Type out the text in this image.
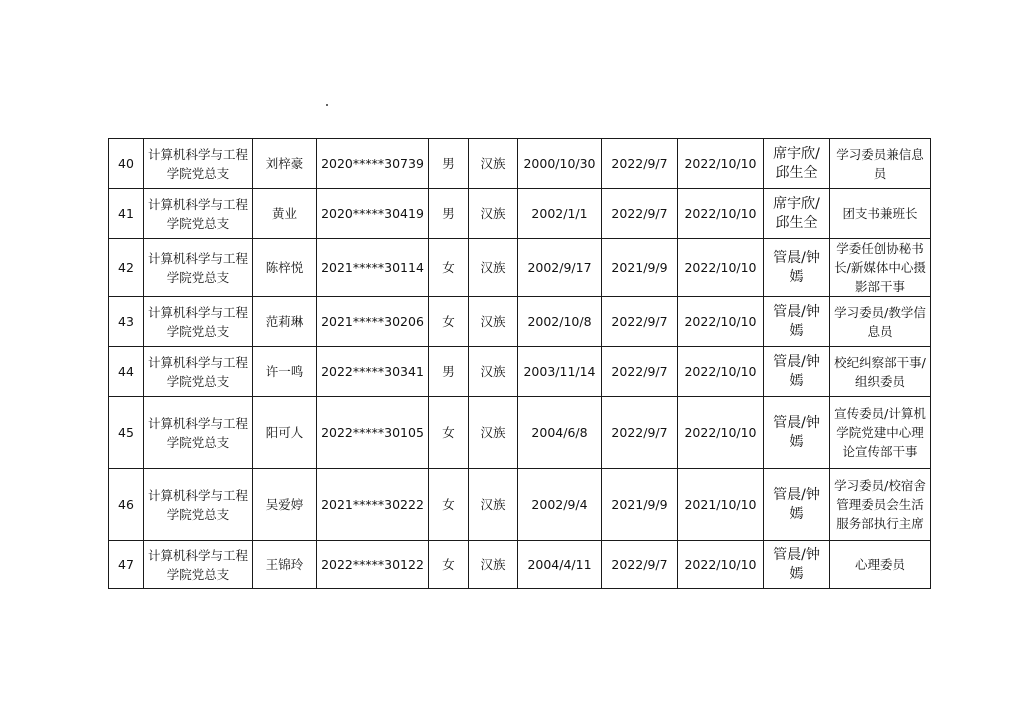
40	计算机科学与工程学院党总支	刘梓豪	2020*****30739	男	汉族	2000/10/30	2022/9/7	2022/10/10	席宇欣/邱生全	学习委员兼信息员
41	计算机科学与工程学院党总支	黄业	2020*****30419	男	汉族	2002/1/1	2022/9/7	2022/10/10	席宇欣/邱生全	团支书兼班长
42	计算机科学与工程学院党总支	陈梓悦	2021*****30114	女	汉族	2002/9/17	2021/9/9	2022/10/10	管晨/钟嫣	学委任创协秘书长/新媒体中心摄影部干事
43	计算机科学与工程学院党总支	范莉琳	2021*****30206	女	汉族	2002/10/8	2022/9/7	2022/10/10	管晨/钟嫣	学习委员/教学信息员
44	计算机科学与工程学院党总支	许一鸣	2022*****30341	男	汉族	2003/11/14	2022/9/7	2022/10/10	管晨/钟嫣	校纪纠察部干事/组织委员
45	计算机科学与工程学院党总支	阳可人	2022*****30105	女	汉族	2004/6/8	2022/9/7	2022/10/10	管晨/钟嫣	宣传委员/计算机学院党建中心理论宣传部干事
46	计算机科学与工程学院党总支	吴爱婷	2021*****30222	女	汉族	2002/9/4	2021/9/9	2021/10/10	管晨/钟嫣	学习委员/校宿舍管理委员会生活服务部执行主席
47	计算机科学与工程学院党总支	王锦玲	2022*****30122	女	汉族	2004/4/11	2022/9/7	2022/10/10	管晨/钟嫣	心理委员
